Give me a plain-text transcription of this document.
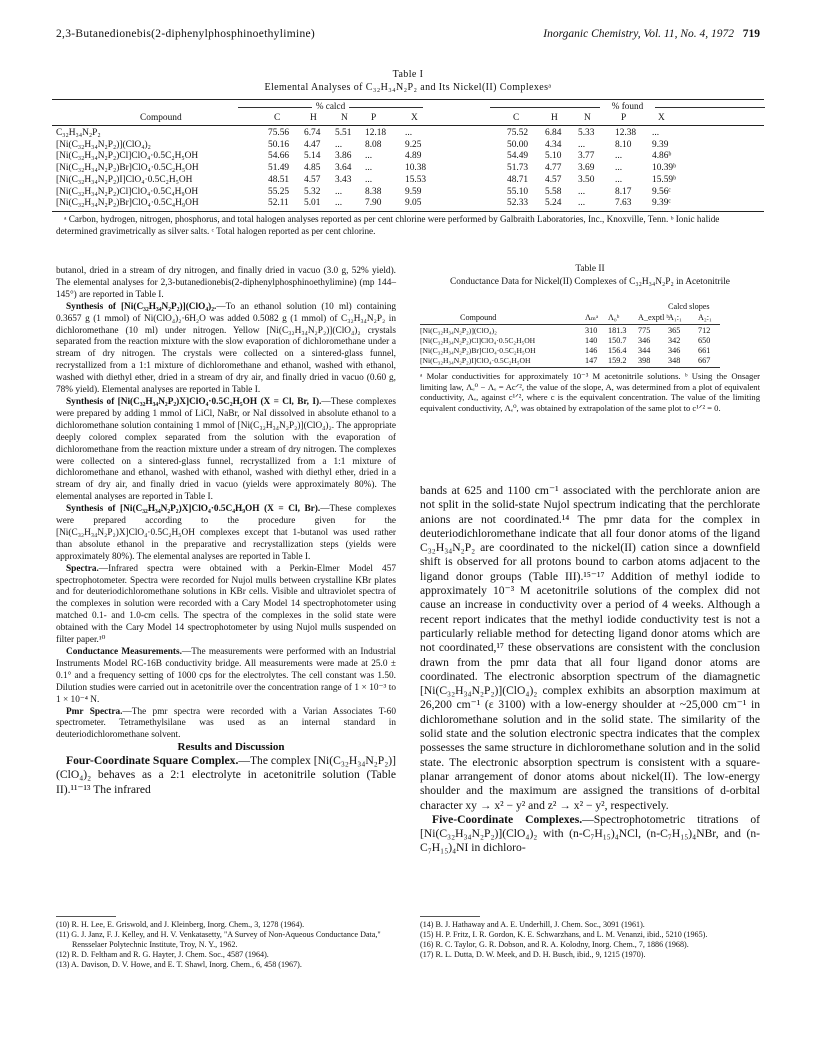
2,3-Butanedionebis(2-diphenylphosphinoethylimine)	Inorganic Chemistry, Vol. 11, No. 4, 1972 719
Table I
Elemental Analyses of C₃₂H₃₄N₂P₂ and Its Nickel(II) Complexesᵃ
% calcd	% found
Compound	C	H	N P	X	C	H	N	P	X
C₃₂H₃₄N₂P₂	75.56 6.74 5.51 12.18 ...	75.52 6.84 5.33 12.38 ...
[Ni(C₃₂H₃₄N₂P₂)](ClO₄)₂	50.16 4.47 ... 8.08	9.25	50.00 4.34 ...	8.10 9.39
[Ni(C₃₂H₃₄N₂P₂)Cl]ClO₄·0.5C₂H₅OH	54.66 5.14 3.86 ...	4.89	54.49 5.10 3.77 ...	4.86ᵇ
[Ni(C₃₂H₃₄N₂P₂)Br]ClO₄·0.5C₂H₅OH	51.49 4.85 3.64 ...	10.38	51.73 4.77 3.69 ...	10.39ᵇ
[Ni(C₃₂H₃₄N₂P₂)I]ClO₄·0.5C₂H₅OH	48.51 4.57 3.43 ...	15.53	48.71 4.57 3.50 ...	15.59ᵇ
[Ni(C₃₂H₃₄N₂P₂)Cl]ClO₄·0.5C₄H₉OH	55.25 5.32 ... 8.38	9.59	55.10 5.58 ...	8.17 9.56ᶜ
[Ni(C₃₂H₃₄N₂P₂)Br]ClO₄·0.5C₄H₉OH	52.11 5.01 ... 7.90	9.05	52.33 5.24 ...	7.63 9.39ᶜ
ᵃ Carbon, hydrogen, nitrogen, phosphorus, and total halogen analyses reported as per cent chlorine were performed by Galbraith Laboratories, Inc., Knoxville, Tenn. ᵇ Ionic halide determined gravimetrically as silver salts. ᶜ Total halogen reported as per cent chlorine.

butanol, dried in a stream of dry nitrogen, and finally dried in vacuo (3.0 g, 52% yield). The elemental analyses for 2,3-butanedionebis(2-diphenylphosphinoethylimine) (mp 144–145°) are reported in Table I.

Synthesis of [Ni(C₃₂H₃₄N₂P₂)](ClO₄)₂.—To an ethanol solution (10 ml) containing 0.3657 g (1 mmol) of Ni(ClO₄)₂·6H₂O was added 0.5082 g (1 mmol) of C₃₂H₃₄N₂P₂ in dichloromethane (10 ml) under nitrogen. Yellow [Ni(C₃₂H₃₄N₂P₂)](ClO₄)₂ crystals separated from the reaction mixture with the slow evaporation of dichloromethane under a stream of dry nitrogen. The crystals were collected on a sintered-glass funnel, recrystallized from a 1:1 mixture of dichloromethane and ethanol, washed with ethanol, washed with diethyl ether, dried in a stream of dry air, and finally dried in vacuo (0.60 g, 78% yield). Elemental analyses are reported in Table I.

Synthesis of [Ni(C₃₂H₃₄N₂P₂)X]ClO₄·0.5C₂H₅OH (X = Cl, Br, I).—These complexes were prepared by adding 1 mmol of LiCl, NaBr, or NaI dissolved in absolute ethanol to a dichloromethane solution containing 1 mmol of [Ni(C₃₂H₃₄N₂P₂)](ClO₄)₂. The appropriate deeply colored complex separated from the solution with the evaporation of dichloromethane from the reaction mixture under a stream of dry nitrogen. The complexes were collected on a sintered-glass funnel, recrystallized from a 1:1 mixture of dichloromethane and ethanol, washed with ethanol, washed with diethyl ether, dried in a stream of dry air, and finally dried in vacuo (yields were approximately 80%). The elemental analyses are reported in Table I.

Synthesis of [Ni(C₃₂H₃₄N₂P₂)X]ClO₄·0.5C₄H₉OH (X = Cl, Br).—These complexes were prepared according to the procedure given for the [Ni(C₃₂H₃₄N₂P₂)X]ClO₄·0.5C₂H₅OH complexes except that 1-butanol was used rather than absolute ethanol in the preparative and recrystallization steps (yields were approximately 80%). The elemental analyses are reported in Table I.

Spectra.—Infrared spectra were obtained with a Perkin-Elmer Model 457 spectrophotometer. Spectra were recorded for Nujol mulls between crystalline KBr plates and for deuteriodichloromethane solutions in KBr cells. Visible and ultraviolet spectra of the complexes in solution were recorded with a Cary Model 14 spectrophotometer using matched 0.1- and 1.0-cm cells. The spectra of the complexes in the solid state were obtained with the Cary Model 14 spectrophotometer by using Nujol mulls suspended on filter paper.¹⁰

Conductance Measurements.—The measurements were performed with an Industrial Instruments Model RC-16B conductivity bridge. All measurements were made at 25.0 ± 0.1° and a frequency setting of 1000 cps for the electrolytes. The cell constant was 1.50. Dilution studies were carried out in acetonitrile over the concentration range of 1 × 10⁻³ to 1 × 10⁻⁴ N.

Pmr Spectra.—The pmr spectra were recorded with a Varian Associates T-60 spectrometer. Tetramethylsilane was used as an internal standard in deuteriodichloromethane solvent.

Results and Discussion

Four-Coordinate Square Complex.—The complex [Ni(C₃₂H₃₄N₂P₂)](ClO₄)₂ behaves as a 2:1 electrolyte in acetonitrile solution (Table II).¹¹⁻¹³ The infrared

Table II
Conductance Data for Nickel(II) Complexes of C₃₂H₃₄N₂P₂ in Acetonitrile
Calcd slopes
Compound	Λₘᵃ Λ₀ᵇ A_exptl ᵇ A₁:₁ A₂:₁
[Ni(C₃₂H₃₄N₂P₂)](ClO₄)₂	310 181.3 775 365 712
[Ni(C₃₂H₃₄N₂P₂)Cl]ClO₄·0.5C₂H₅OH	140 150.7 346 342 650
[Ni(C₃₂H₃₄N₂P₂)Br]ClO₄·0.5C₂H₅OH	146 156.4 344 346 661
[Ni(C₃₂H₃₄N₂P₂)I]ClO₄·0.5C₂H₅OH	147 159.2 398 348 667
ᵃ Molar conductivities for approximately 10⁻³ M acetonitrile solutions. ᵇ Using the Onsager limiting law, Λₑ⁰ − Λₑ = Acᐟ², the value of the slope, A, was determined from a plot of equivalent conductivity, Λₑ, against c¹ᐟ², where c is the equivalent concentration. The value of the limiting equivalent conductivity, Λₑ⁰, was obtained by extrapolation of the same plot to c¹ᐟ² = 0.

bands at 625 and 1100 cm⁻¹ associated with the perchlorate anion are not split in the solid-state Nujol spectrum indicating that the perchlorate anions are not coordinated.¹⁴ The pmr data for the complex in deuteriodichloromethane indicate that all four donor atoms of the ligand C₃₂H₃₄N₂P₂ are coordinated to the nickel(II) cation since a downfield shift is observed for all protons bound to carbon atoms adjacent to the ligand donor groups (Table III).¹⁵⁻¹⁷ Addition of methyl iodide to approximately 10⁻³ M acetonitrile solutions of the complex did not cause an increase in conductivity over a period of 4 weeks. Although a recent report indicates that the methyl iodide conductivity test is not a particularly reliable method for detecting ligand donor atoms which are not coordinated,¹⁷ these observations are consistent with the conclusion drawn from the pmr data that all four ligand donor atoms are coordinated. The electronic absorption spectrum of the diamagnetic [Ni(C₃₂H₃₄N₂P₂)](ClO₄)₂ complex exhibits an absorption maximum at 26,200 cm⁻¹ (ε 3100) with a low-energy shoulder at ~25,000 cm⁻¹ in dichloromethane solution and in the solid state. The similarity of the solid state and the solution electronic spectra indicates that the complex possesses the same structure in dichloromethane solution and in the solid state. The electronic absorption spectrum is consistent with a square-planar arrangement of donor atoms about nickel(II). The low-energy shoulder and the maximum are assigned the transitions of d-orbital character xy → x² − y² and z² → x² − y², respectively.

Five-Coordinate Complexes.—Spectrophotometric titrations of [Ni(C₃₂H₃₄N₂P₂)](ClO₄)₂ with (n-C₇H₁₅)₄NCl, (n-C₇H₁₅)₄NBr, and (n-C₇H₁₅)₄NI in dichloro-

(10) R. H. Lee, E. Griswold, and J. Kleinberg, Inorg. Chem., 3, 1278 (1964).
(11) G. J. Janz, F. J. Kelley, and H. V. Venkatasetty, "A Survey of Non-Aqueous Conductance Data," Rensselaer Polytechnic Institute, Troy, N. Y., 1962.
(12) R. D. Feltham and R. G. Hayter, J. Chem. Soc., 4587 (1964).
(13) A. Davison, D. V. Howe, and E. T. Shawl, Inorg. Chem., 6, 458 (1967).
(14) B. J. Hathaway and A. E. Underhill, J. Chem. Soc., 3091 (1961).
(15) H. P. Fritz, I. R. Gordon, K. E. Schwarzhans, and L. M. Venanzi, ibid., 5210 (1965).
(16) R. C. Taylor, G. R. Dobson, and R. A. Kolodny, Inorg. Chem., 7, 1886 (1968).
(17) R. L. Dutta, D. W. Meek, and D. H. Busch, ibid., 9, 1215 (1970).
